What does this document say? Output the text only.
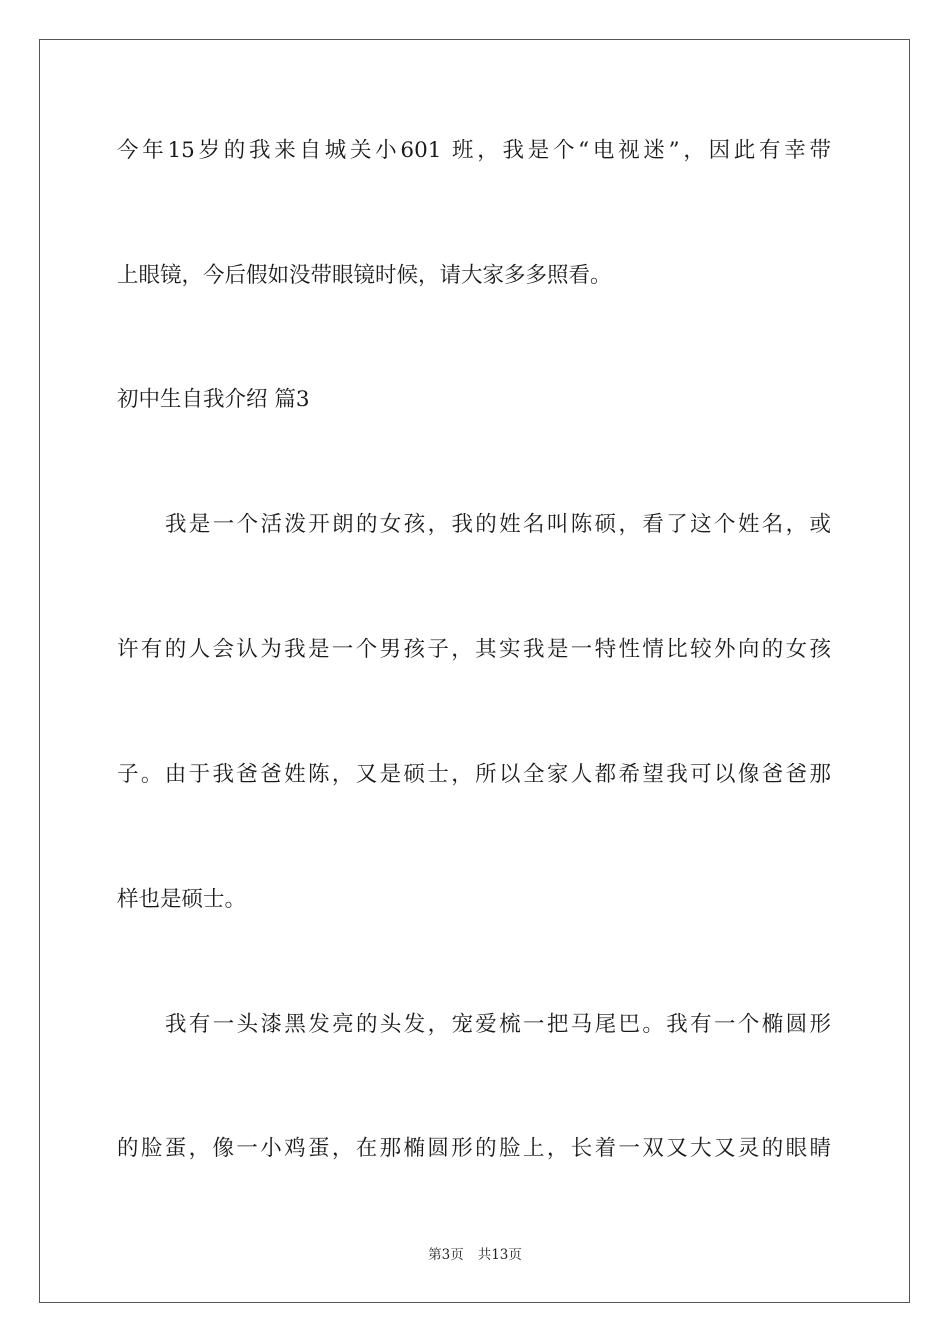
今年15岁的我来自城关小601 班，我是个“电视迷”，因此有幸带
上眼镜，今后假如没带眼镜时候，请大家多多照看。
初中生自我介绍 篇3
我是一个活泼开朗的女孩，我的姓名叫陈硕，看了这个姓名，或
许有的人会认为我是一个男孩子，其实我是一特性情比较外向的女孩
子。由于我爸爸姓陈，又是硕士，所以全家人都希望我可以像爸爸那
样也是硕士。
我有一头漆黑发亮的头发，宠爱梳一把马尾巴。我有一个椭圆形
的脸蛋，像一小鸡蛋，在那椭圆形的脸上，长着一双又大又灵的眼睛
第3页 共13页
